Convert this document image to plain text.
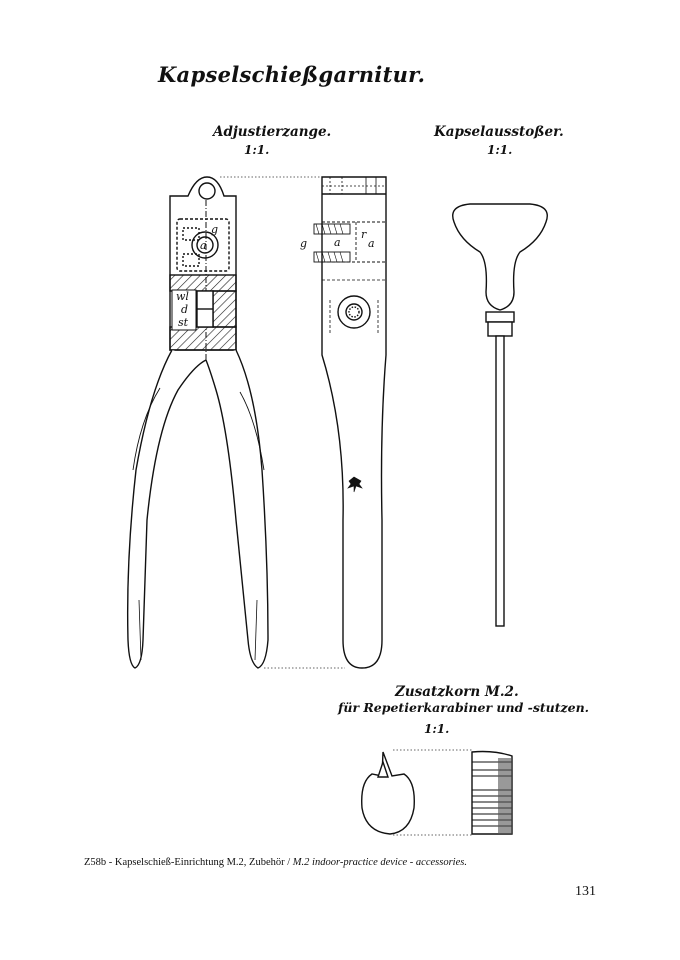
Kapselschießgarnitur.
Adjustierzange.
1:1.
Kapselausstoßer.
1:1.
Zusatzkorn M.2.
für Repetierkarabiner und -stutzen.
1:1.
g
a
wl
d
st
g a
r
a
Z58b - Kapselschieß-Einrichtung M.2, Zubehör / M.2 indoor-practice device - accessories.
131
